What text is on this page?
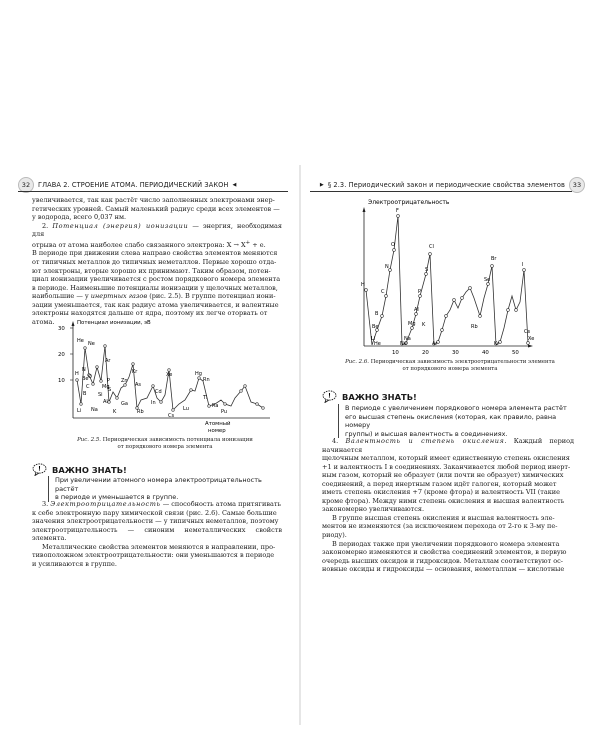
32	ГЛАВА 2. СТРОЕНИЕ АТОМА. ПЕРИОДИЧЕСКИЙ ЗАКОН ◀	▶ § 2.3. Периодический закон и периодические свойства элементов	33

увеличивается, так как растёт число заполненных электронами энер-
гетических уровней. Самый маленький радиус среди всех элементов —
у водорода, всего 0,037 нм.

2. Потенциал (энергия) ионизации — энергия, необходимая для
отрыва от атома наиболее слабо связанного электрона: X → X+ + e.
В периоде при движении слева направо свойства элементов меняются
от типичных металлов до типичных неметаллов. Первые хорошо отда-
ют электроны, вторые хорошо их принимают. Таким образом, потен-
циал ионизации увеличивается с ростом порядкового номера элемента
в периоде. Наименьшие потенциалы ионизации у щелочных металлов,
наибольшие — у инертных газов (рис. 2.5). В группе потенциал иони-
зации уменьшается, так как радиус атома увеличивается, и валентные
электроны находятся дальше от ядра, поэтому их легче оторвать от
атома.	Потенциал ионизации, эВ
30
20
10
He Ne
N
O
Be
C
H
B
Li Na
Ar
Mg
P
Si
S
Al
K
Zn
Kr
As
Ga
Xe
Cd
In
Rb
Hg
Rn
Tl
Lu
Cs
Pu
Ra
Атомный
номер
Рис. 2.5. Периодическая зависимость потенциала ионизации
от порядкового номера элемента
! ВАЖНО ЗНАТЬ!
При увеличении атомного номера электроотрицательность растёт
в периоде и уменьшается в группе.

3. Электроотрицательность — способность атома притягивать
к себе электронную пару химической связи (рис. 2.6). Самые большие
значения электроотрицательности — у типичных неметаллов, поэтому
электроотрицательность — синоним неметаллических свойств элемента.

Металлические свойства элементов меняются в направлении, про-
тивоположном электроотрицательности: они уменьшаются в периоде
и усиливаются в группе.

Электроотрицательность
10	20	30	40	50
F
Cl
O
N
C
Br
H
B
Be
Li
P
S
Se
I
Na
Mg
Al
K	Rb
Cs
He	Ne	Ar	Kr
Xe
Рис. 2.6. Периодическая зависимость электроотрицательности элемента
от порядкового номера элемента
! ВАЖНО ЗНАТЬ!
В периоде с увеличением порядкового номера элемента растёт
его высшая степень окисления (которая, как правило, равна номеру
группы) и высшая валентность в соединениях.

4. Валентность и степень окисления. Каждый период начинается
щелочным металлом, который имеет единственную степень окисления
+1 и валентность I в соединениях. Заканчивается любой период инерт-
ным газом, который не образует (или почти не образует) химических
соединений, а перед инертным газом идёт галоген, который может
иметь степень окисления +7 (кроме фтора) и валентность VII (такие
кроме фтора). Между ними степень окисления и высшая валентность
закономерно увеличиваются.

В группе высшая степень окисления и высшая валентность эле-
ментов не изменяются (за исключением перехода от 2-го к 3-му пе-
риоду).

В периодах также при увеличении порядкового номера элемента
закономерно изменяются и свойства соединений элементов, в первую
очередь высших оксидов и гидроксидов. Металлам соответствуют ос-
новные оксиды и гидроксиды — основания, неметаллам — кислотные
